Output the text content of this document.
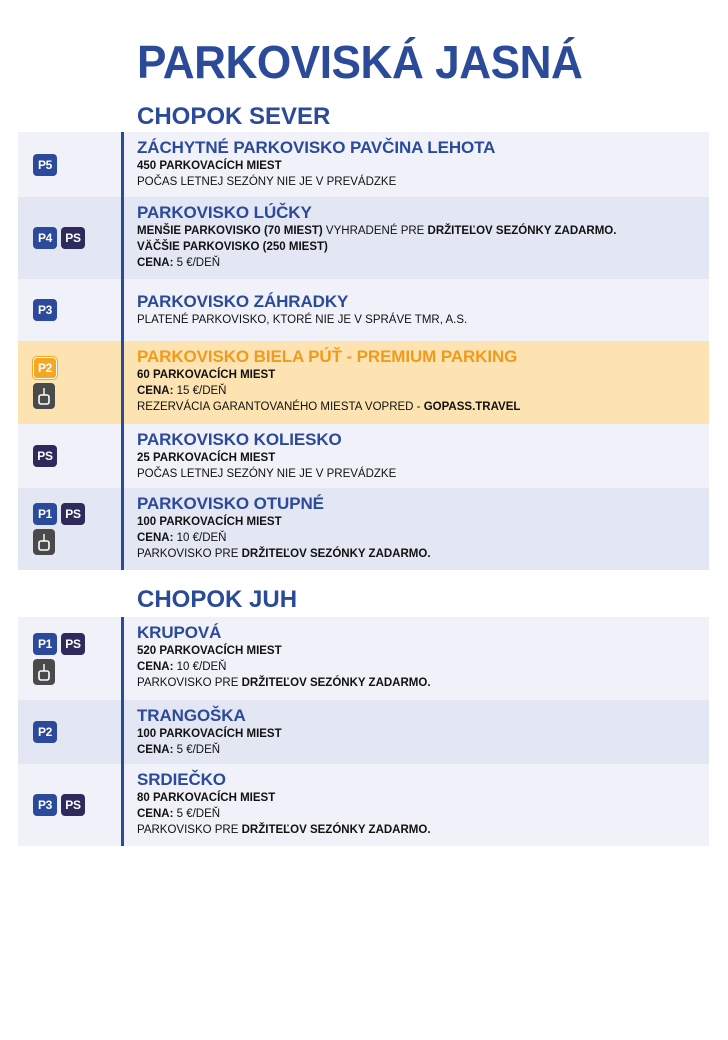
PARKOVISKÁ JASNÁ
CHOPOK SEVER
P5
ZÁCHYTNÉ PARKOVISKO PAVČINA LEHOTA
450 PARKOVACÍCH MIEST
POČAS LETNEJ SEZÓNY NIE JE V PREVÁDZKE
P4	PS
PARKOVISKO LÚČKY
MENŠIE PARKOVISKO (70 MIEST) VYHRADENÉ PRE DRŽITEĽOV SEZÓNKY ZADARMO.
VÄČŠIE PARKOVISKO (250 MIEST)
CENA: 5 €/DEŇ
P3	PARKOVISKO ZÁHRADKY
PLATENÉ PARKOVISKO, KTORÉ NIE JE V SPRÁVE TMR, A.S.
P2
PARKOVISKO BIELA PÚŤ - PREMIUM PARKING
60 PARKOVACÍCH MIEST
CENA: 15 €/DEŇ
REZERVÁCIA GARANTOVANÉHO MIESTA VOPRED - GOPASS.TRAVEL
PS
PARKOVISKO KOLIESKO
25 PARKOVACÍCH MIEST
POČAS LETNEJ SEZÓNY NIE JE V PREVÁDZKE
P1	PS
PARKOVISKO OTUPNÉ
100 PARKOVACÍCH MIEST
CENA: 10 €/DEŇ
PARKOVISKO PRE DRŽITEĽOV SEZÓNKY ZADARMO.
CHOPOK JUH
P1	PS
KRUPOVÁ
520 PARKOVACÍCH MIEST
CENA: 10 €/DEŇ
PARKOVISKO PRE DRŽITEĽOV SEZÓNKY ZADARMO.
P2
TRANGOŠKA
100 PARKOVACÍCH MIEST
CENA: 5 €/DEŇ
P3	PS
SRDIEČKO
80 PARKOVACÍCH MIEST
CENA: 5 €/DEŇ
PARKOVISKO PRE DRŽITEĽOV SEZÓNKY ZADARMO.
